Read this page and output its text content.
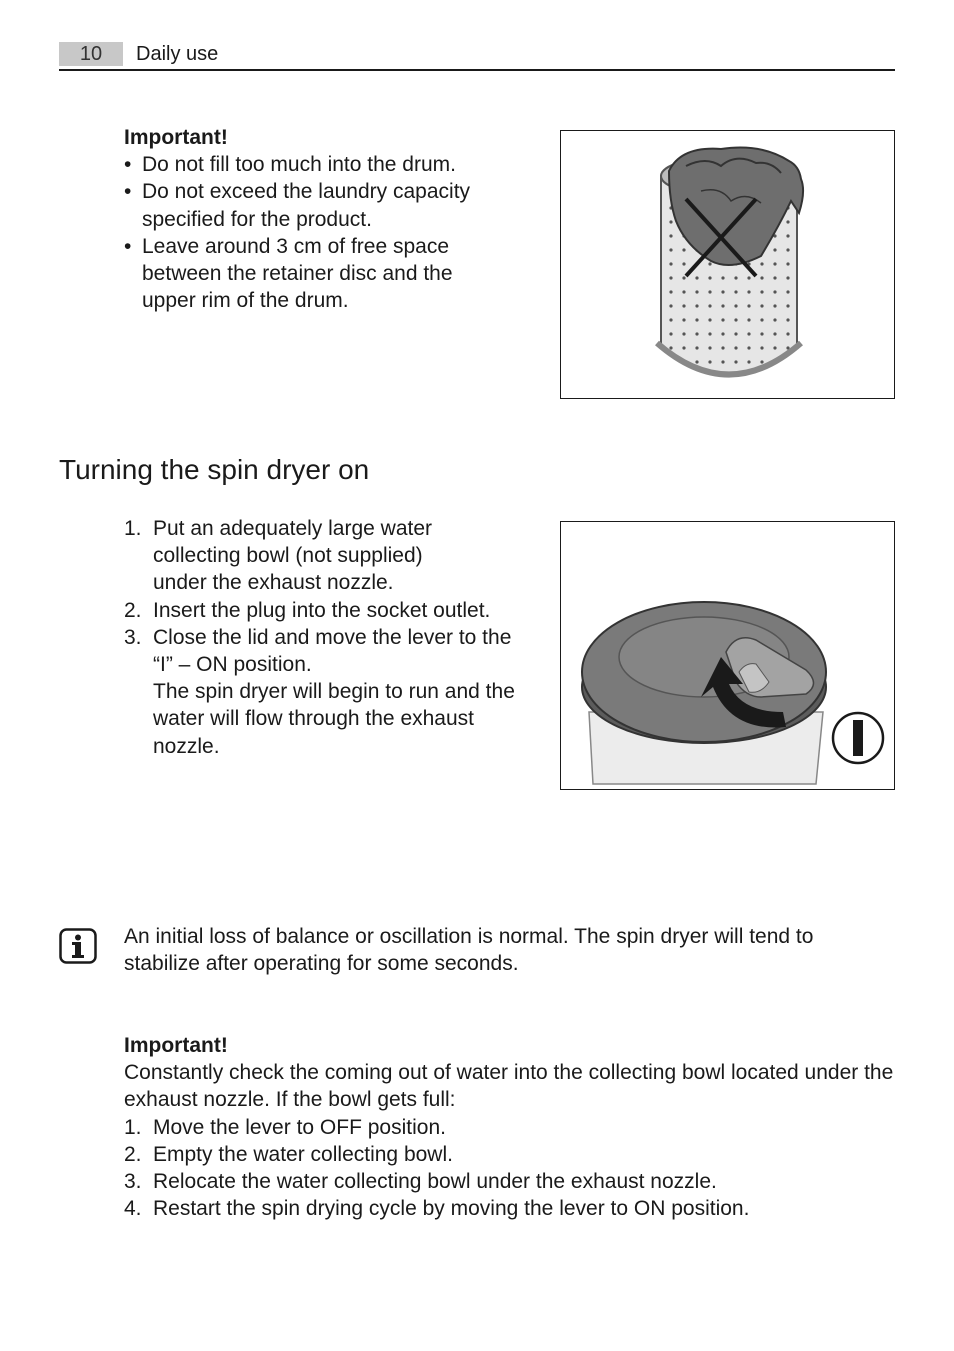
10	Daily use
Important!
• Do not fill too much into the drum.
• Do not exceed the laundry capacity specified for the product.
• Leave around 3 cm of free space between the retainer disc and the upper rim of the drum.
Turning the spin dryer on
1. Put an adequately large water collecting bowl (not supplied) under the exhaust nozzle.
2. Insert the plug into the socket outlet.
3. Close the lid and move the lever to the “I” – ON position.
The spin dryer will begin to run and the water will flow through the exhaust nozzle.
An initial loss of balance or oscillation is normal. The spin dryer will tend to stabilize after operating for some seconds.
Important!
Constantly check the coming out of water into the collecting bowl located under the exhaust nozzle. If the bowl gets full:
1. Move the lever to OFF position.
2. Empty the water collecting bowl.
3. Relocate the water collecting bowl under the exhaust nozzle.
4. Restart the spin drying cycle by moving the lever to ON position.
